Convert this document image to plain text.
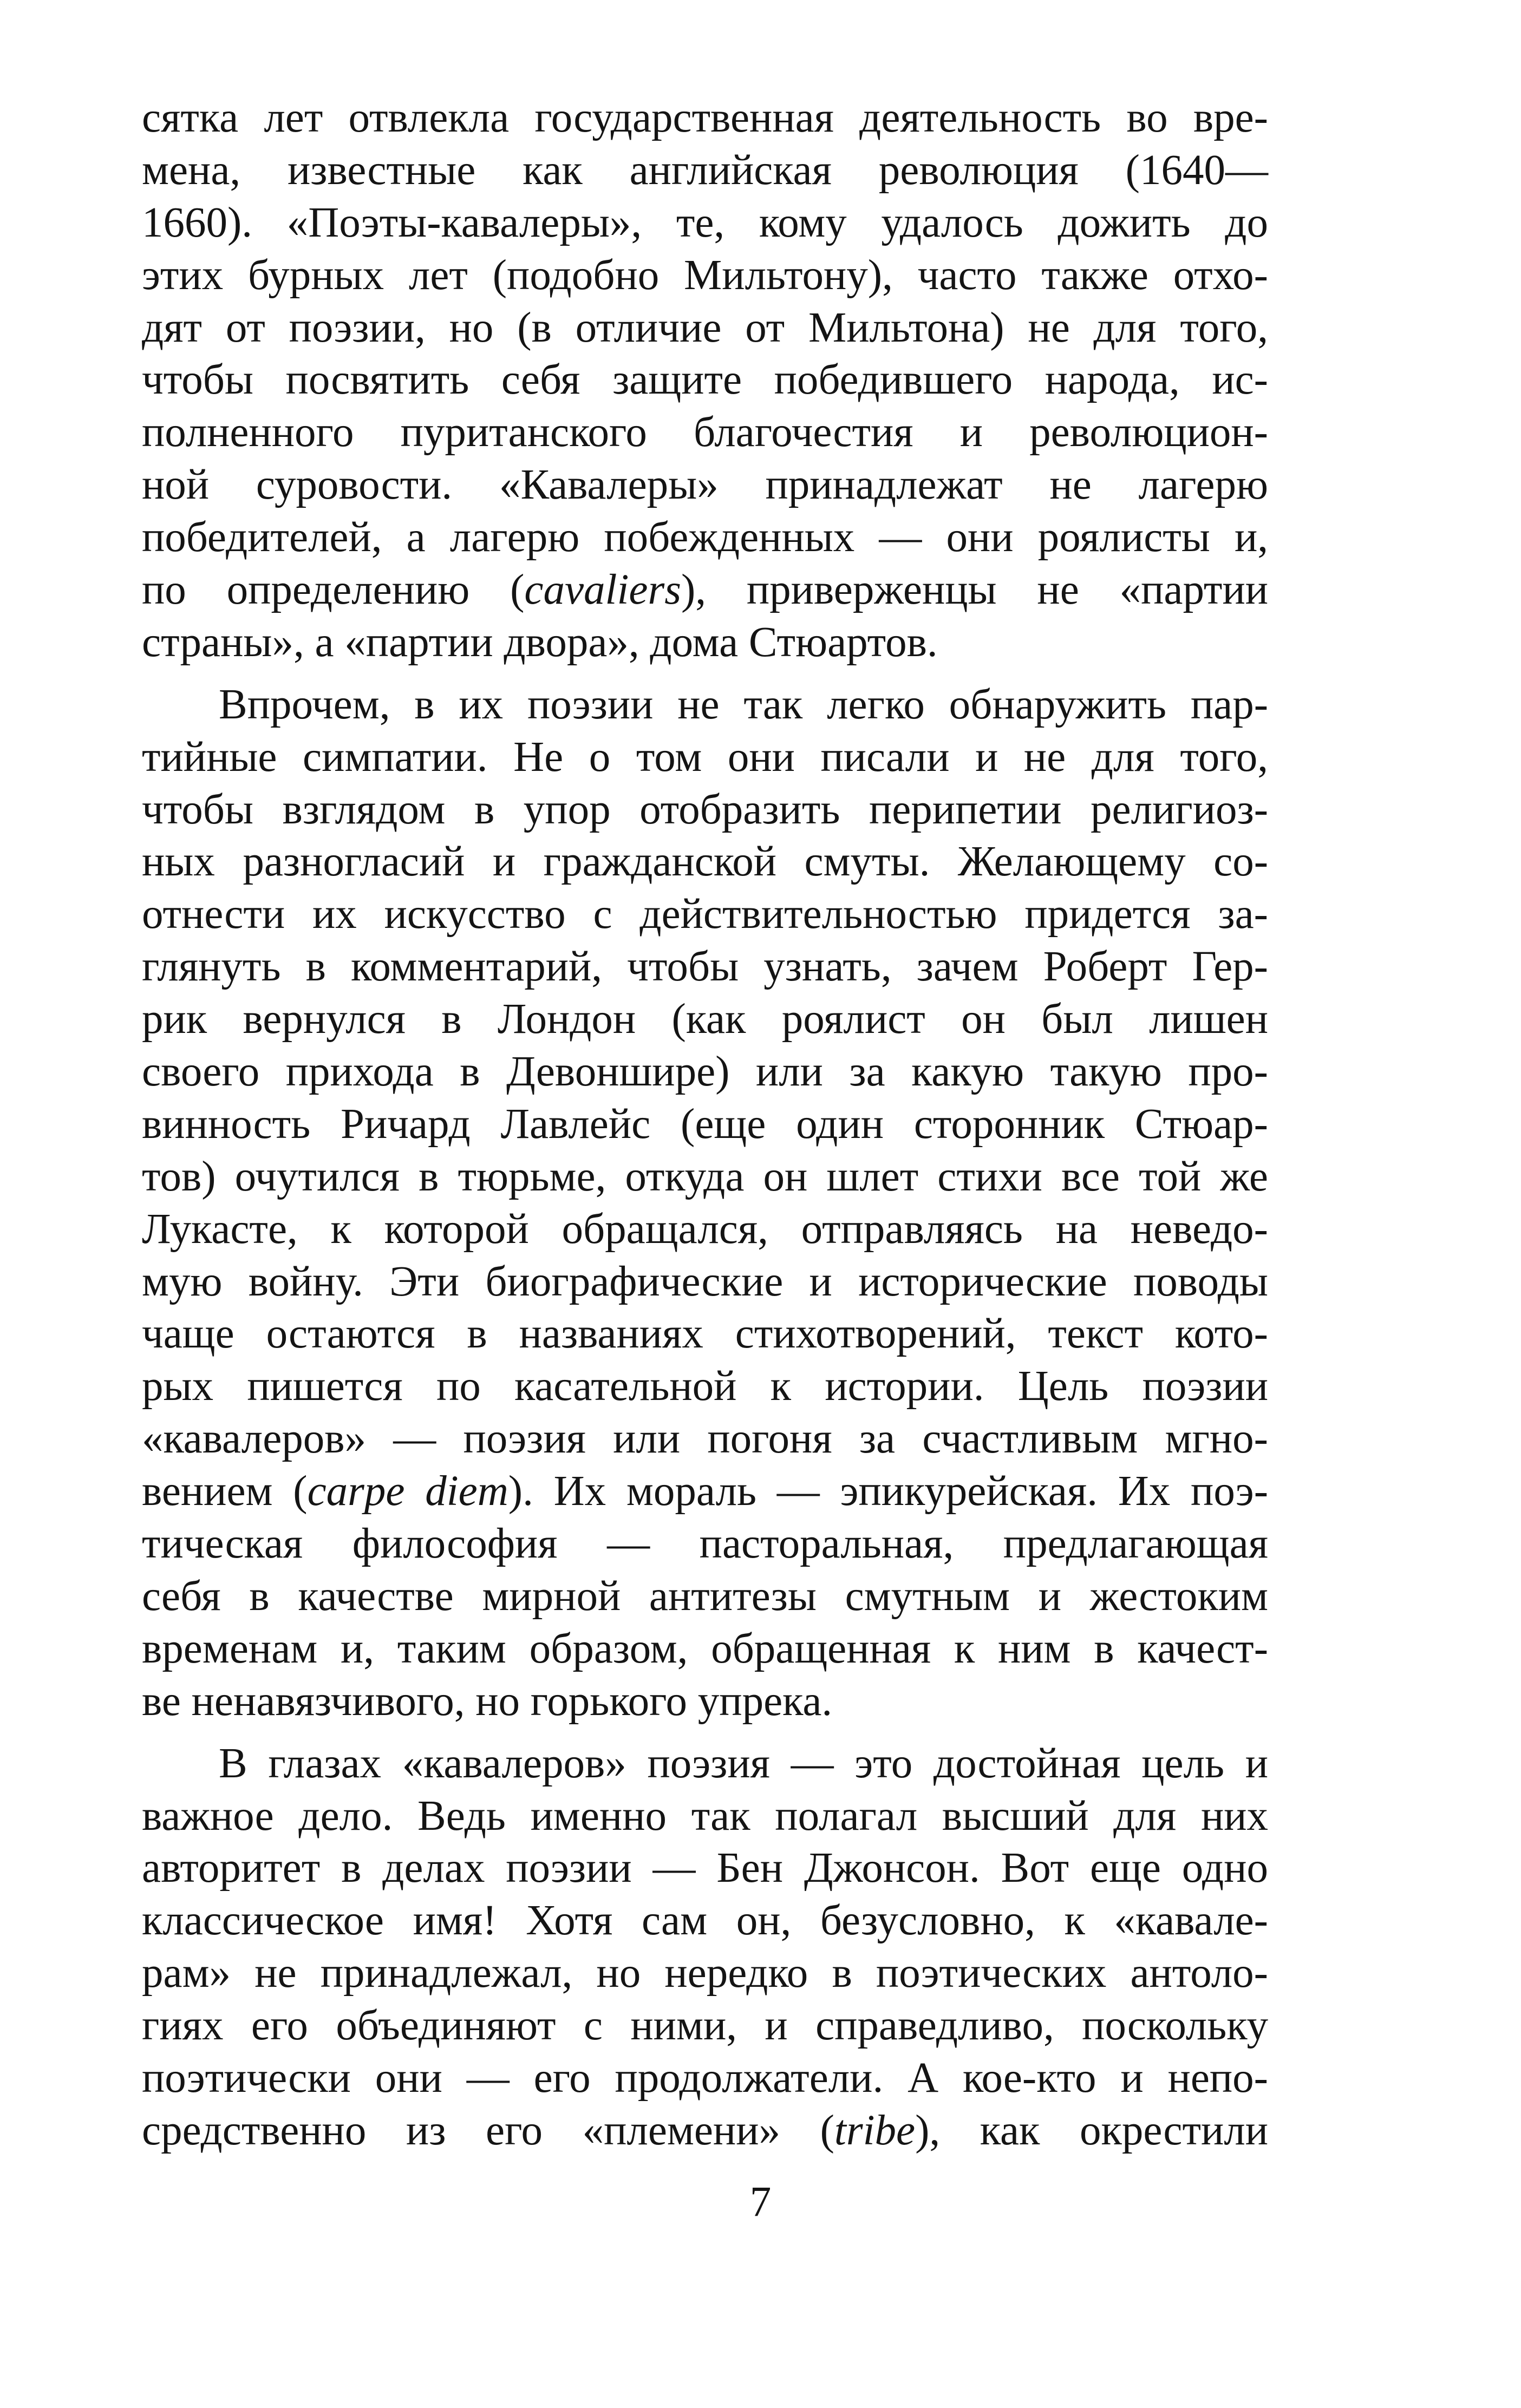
сятка лет отвлекла государственная деятельность во вре-
мена, известные как английская революция (1640—
1660). «Поэты-кавалеры», те, кому удалось дожить до
этих бурных лет (подобно Мильтону), часто также отхо-
дят от поэзии, но (в отличие от Мильтона) не для того,
чтобы посвятить себя защите победившего народа, ис-
полненного пуританского благочестия и революцион-
ной суровости. «Кавалеры» принадлежат не лагерю
победителей, а лагерю побежденных — они роялисты и,
по определению (cavaliers), приверженцы не «партии
страны», а «партии двора», дома Стюартов.
Впрочем, в их поэзии не так легко обнаружить пар-
тийные симпатии. Не о том они писали и не для того,
чтобы взглядом в упор отобразить перипетии религиоз-
ных разногласий и гражданской смуты. Желающему со-
отнести их искусство с действительностью придется за-
глянуть в комментарий, чтобы узнать, зачем Роберт Гер-
рик вернулся в Лондон (как роялист он был лишен
своего прихода в Девоншире) или за какую такую про-
винность Ричард Лавлейс (еще один сторонник Стюар-
тов) очутился в тюрьме, откуда он шлет стихи все той же
Лукасте, к которой обращался, отправляясь на неведо-
мую войну. Эти биографические и исторические поводы
чаще остаются в названиях стихотворений, текст кото-
рых пишется по касательной к истории. Цель поэзии
«кавалеров» — поэзия или погоня за счастливым мгно-
вением (carpe diem). Их мораль — эпикурейская. Их поэ-
тическая философия — пасторальная, предлагающая
себя в качестве мирной антитезы смутным и жестоким
временам и, таким образом, обращенная к ним в качест-
ве ненавязчивого, но горького упрека.
В глазах «кавалеров» поэзия — это достойная цель и
важное дело. Ведь именно так полагал высший для них
авторитет в делах поэзии — Бен Джонсон. Вот еще одно
классическое имя! Хотя сам он, безусловно, к «кавале-
рам» не принадлежал, но нередко в поэтических антоло-
гиях его объединяют с ними, и справедливо, поскольку
поэтически они — его продолжатели. А кое-кто и непо-
средственно из его «племени» (tribe), как окрестили
7
